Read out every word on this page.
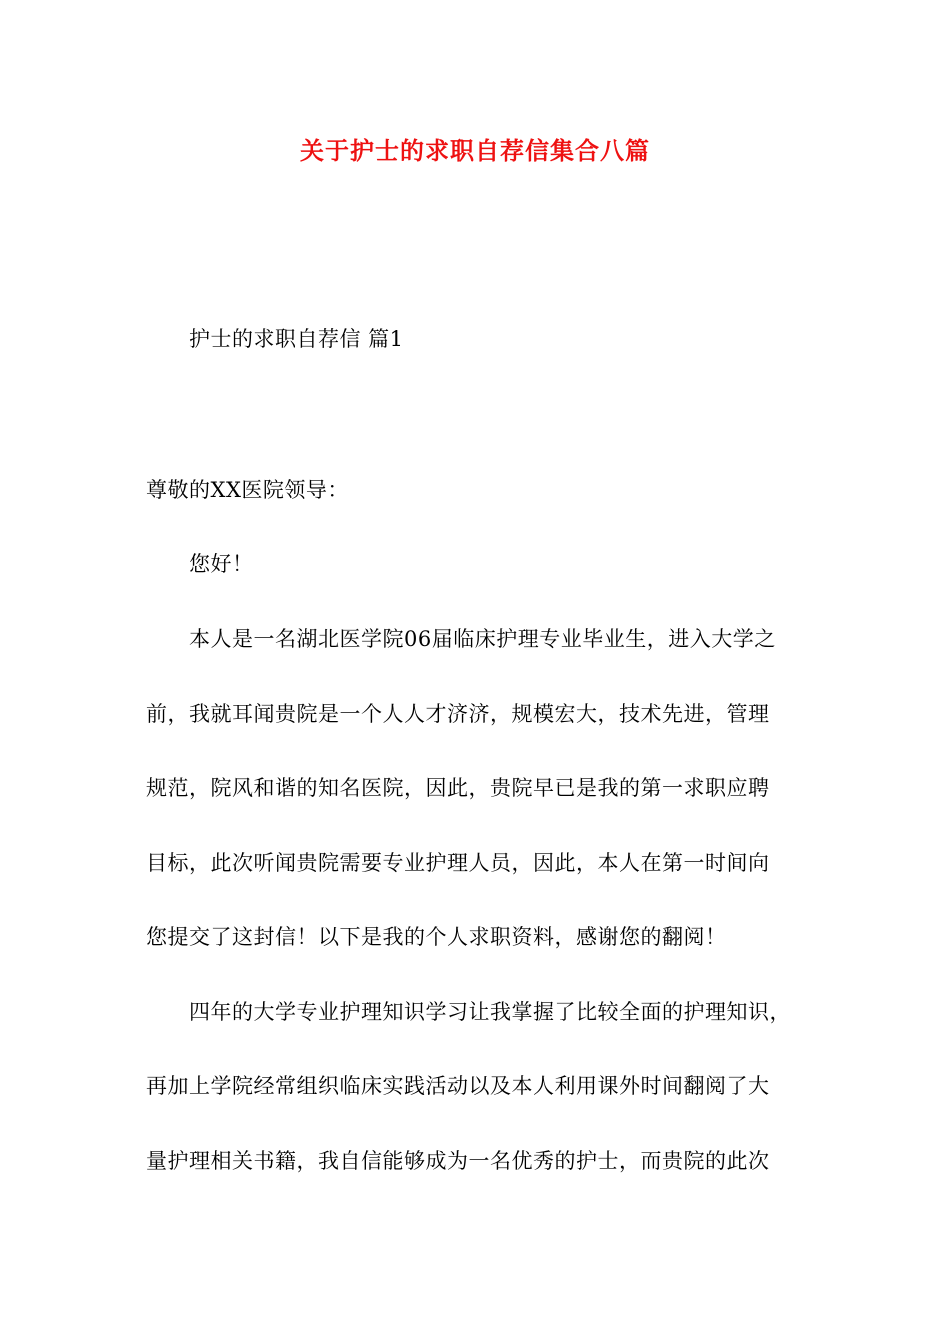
关于护士的求职自荐信集合八篇
护士的求职自荐信 篇1
尊敬的XX医院领导：
您好！
本人是一名湖北医学院06届临床护理专业毕业生，进入大学之
前，我就耳闻贵院是一个人人才济济，规模宏大，技术先进，管理
规范，院风和谐的知名医院，因此，贵院早已是我的第一求职应聘
目标，此次听闻贵院需要专业护理人员，因此，本人在第一时间向
您提交了这封信！以下是我的个人求职资料，感谢您的翻阅！
四年的大学专业护理知识学习让我掌握了比较全面的护理知识，
再加上学院经常组织临床实践活动以及本人利用课外时间翻阅了大
量护理相关书籍，我自信能够成为一名优秀的护士，而贵院的此次
